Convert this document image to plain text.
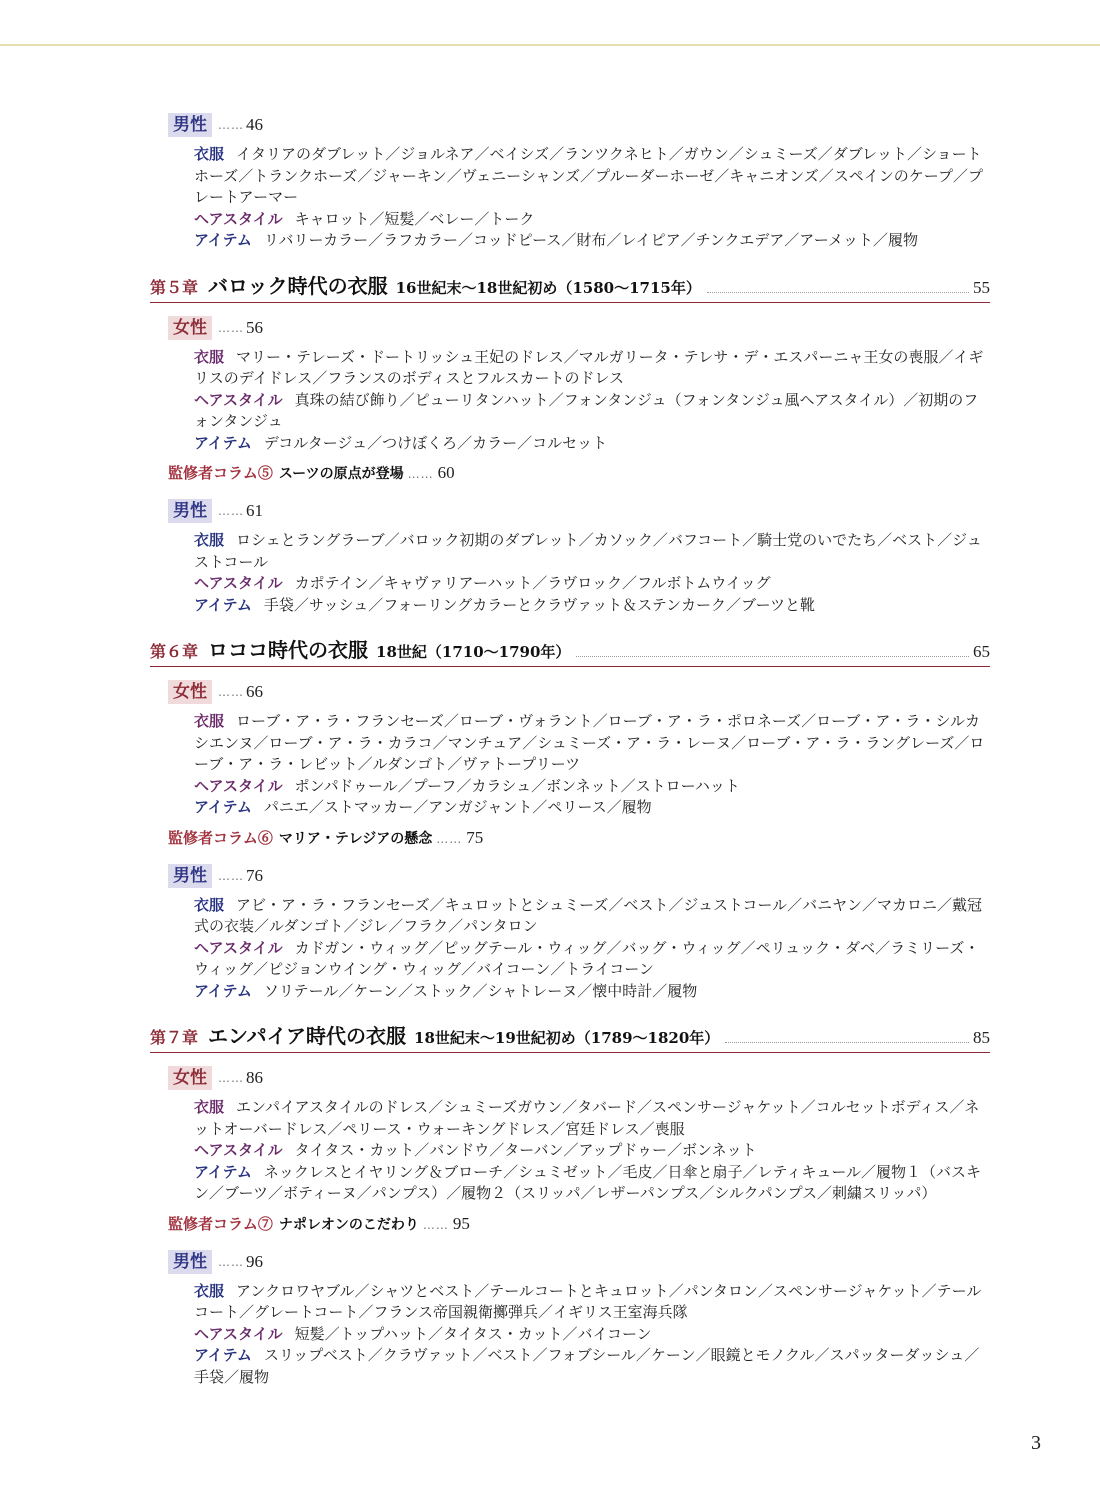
男性 …… 46
衣服 イタリアのダブレット／ジョルネア／ベイシズ／ランツクネヒト／ガウン／シュミーズ／ダブレット／ショートホーズ／トランクホーズ／ジャーキン／ヴェニーシャンズ／プルーダーホーゼ／キャニオンズ／スペインのケープ／プレートアーマー
ヘアスタイル キャロット／短髪／ベレー／トーク
アイテム リバリーカラー／ラフカラー／コッドピース／財布／レイピア／チンクエデア／アーメット／履物
第５章 バロック時代の衣服 16世紀末～18世紀初め（1580～1715年）	55
女性 …… 56
衣服 マリー・テレーズ・ドートリッシュ王妃のドレス／マルガリータ・テレサ・デ・エスパーニャ王女の喪服／イギリスのデイドレス／フランスのボディスとフルスカートのドレス
ヘアスタイル 真珠の結び飾り／ピューリタンハット／フォンタンジュ（フォンタンジュ風ヘアスタイル）／初期のフォンタンジュ
アイテム デコルタージュ／つけぼくろ／カラー／コルセット
監修者コラム⑤ スーツの原点が登場 …… 60
男性 …… 61
衣服 ロシェとラングラーブ／バロック初期のダブレット／カソック／バフコート／騎士党のいでたち／ベスト／ジュストコール
ヘアスタイル カポテイン／キャヴァリアーハット／ラヴロック／フルボトムウイッグ
アイテム 手袋／サッシュ／フォーリングカラーとクラヴァット＆ステンカーク／ブーツと靴
第６章 ロココ時代の衣服 18世紀（1710～1790年）	65
女性 …… 66
衣服 ローブ・ア・ラ・フランセーズ／ローブ・ヴォラント／ローブ・ア・ラ・ポロネーズ／ローブ・ア・ラ・シルカシエンヌ／ローブ・ア・ラ・カラコ／マンチュア／シュミーズ・ア・ラ・レーヌ／ローブ・ア・ラ・ラングレーズ／ローブ・ア・ラ・レビット／ルダンゴト／ヴァトープリーツ
ヘアスタイル ポンパドゥール／プーフ／カラシュ／ボンネット／ストローハット
アイテム パニエ／ストマッカー／アンガジャント／ペリース／履物
監修者コラム⑥ マリア・テレジアの懸念 …… 75
男性 …… 76
衣服 アビ・ア・ラ・フランセーズ／キュロットとシュミーズ／ベスト／ジュストコール／バニヤン／マカロニ／戴冠式の衣装／ルダンゴト／ジレ／フラク／パンタロン
ヘアスタイル カドガン・ウィッグ／ピッグテール・ウィッグ／バッグ・ウィッグ／ペリュック・ダベ／ラミリーズ・ウィッグ／ピジョンウイング・ウィッグ／バイコーン／トライコーン
アイテム ソリテール／ケーン／ストック／シャトレーヌ／懐中時計／履物
第７章 エンパイア時代の衣服 18世紀末～19世紀初め（1789～1820年）	85
女性 …… 86
衣服 エンパイアスタイルのドレス／シュミーズガウン／タバード／スペンサージャケット／コルセットボディス／ネットオーバードレス／ペリース・ウォーキングドレス／宮廷ドレス／喪服
ヘアスタイル タイタス・カット／バンドウ／ターバン／アップドゥー／ボンネット
アイテム ネックレスとイヤリング＆ブローチ／シュミゼット／毛皮／日傘と扇子／レティキュール／履物１（バスキン／ブーツ／ボティーヌ／パンプス）／履物２（スリッパ／レザーパンプス／シルクパンプス／刺繍スリッパ）
監修者コラム⑦ ナポレオンのこだわり …… 95
男性 …… 96
衣服 アンクロワヤブル／シャツとベスト／テールコートとキュロット／パンタロン／スペンサージャケット／テールコート／グレートコート／フランス帝国親衛擲弾兵／イギリス王室海兵隊
ヘアスタイル 短髪／トップハット／タイタス・カット／バイコーン
アイテム スリップベスト／クラヴァット／ベスト／フォブシール／ケーン／眼鏡とモノクル／スパッターダッシュ／手袋／履物
3
